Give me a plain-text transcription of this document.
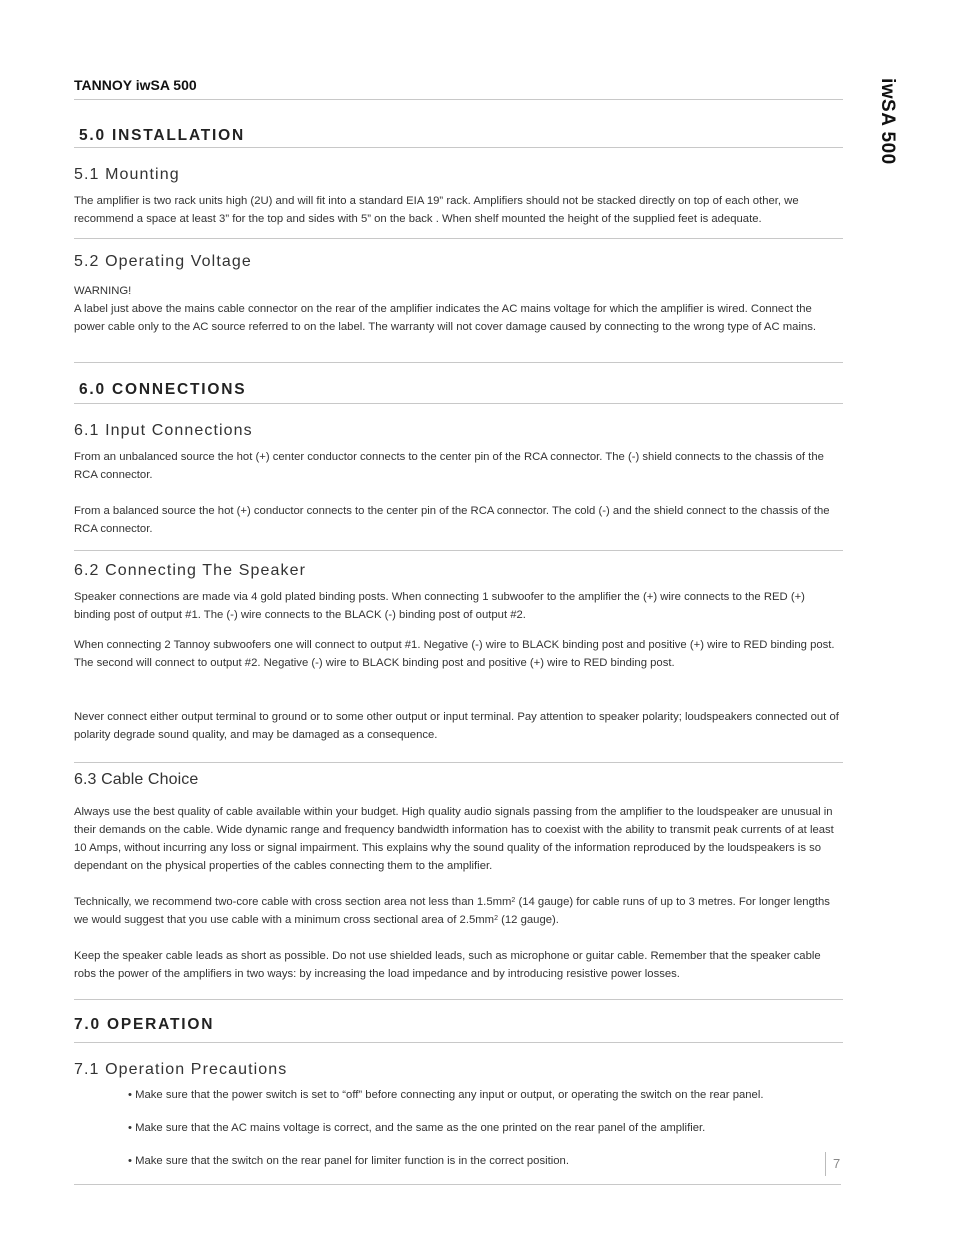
TANNOY iwSA 500
5.0 INSTALLATION
5.1 Mounting

The amplifier is two rack units high (2U) and will fit into a standard EIA 19” rack. Amplifiers should not be stacked directly on top of each other, we recommend a space at least 3” for the top and sides with 5” on the back . When shelf mounted the height of the supplied feet is adequate.

5.2 Operating Voltage

WARNING!

A label just above the mains cable connector on the rear of the amplifier indicates the AC mains voltage for which the amplifier is wired. Connect the power cable only to the AC source referred to on the label. The warranty will not cover damage caused by connecting to the wrong type of AC mains.

6.0 CONNECTIONS
6.1 Input Connections

From an unbalanced source the hot (+) center conductor connects to the center pin of the RCA connector. The (-) shield connects to the chassis of the RCA connector.

From a balanced source the hot (+) conductor connects to the center pin of the RCA connector. The cold (-) and the shield connect to the chassis of the RCA connector.

6.2 Connecting The Speaker

Speaker connections are made via 4 gold plated binding posts. When connecting 1 subwoofer to the amplifier the (+) wire connects to the RED (+) binding post of output #1. The (-) wire connects to the BLACK (-) binding post of output #2.

When connecting 2 Tannoy subwoofers one will connect to output #1. Negative (-) wire to BLACK binding post and positive (+) wire to RED binding post. The second will connect to output #2. Negative (-) wire to BLACK binding post and positive (+) wire to RED binding post.

Never connect either output terminal to ground or to some other output or input terminal. Pay attention to speaker polarity; loudspeakers connected out of polarity degrade sound quality, and may be damaged as a consequence.

6.3 Cable Choice

Always use the best quality of cable available within your budget. High quality audio signals passing from the amplifier to the loudspeaker are unusual in their demands on the cable. Wide dynamic range and frequency bandwidth information has to coexist with the ability to transmit peak currents of at least 10 Amps, without incurring any loss or signal impairment. This explains why the sound quality of the information reproduced by the loudspeakers is so dependant on the physical properties of the cables connecting them to the amplifier.

Technically, we recommend two-core cable with cross section area not less than $1.5mm^2$ (14 gauge) for cable runs of up to 3 metres. For longer lengths we would suggest that you use cable with a minimum cross sectional area of $2.5mm^2$ (12 gauge).

Keep the speaker cable leads as short as possible. Do not use shielded leads, such as microphone or guitar cable. Remember that the speaker cable robs the power of the amplifiers in two ways: by increasing the load impedance and by introducing resistive power losses.

7.0 OPERATION
7.1 Operation Precautions
• Make sure that the power switch is set to “off” before connecting any input or output, or operating the switch on the rear panel.
• Make sure that the AC mains voltage is correct, and the same as the one printed on the rear panel of the amplifier.
• Make sure that the switch on the rear panel for limiter function is in the correct position.
iwSA 500
7
